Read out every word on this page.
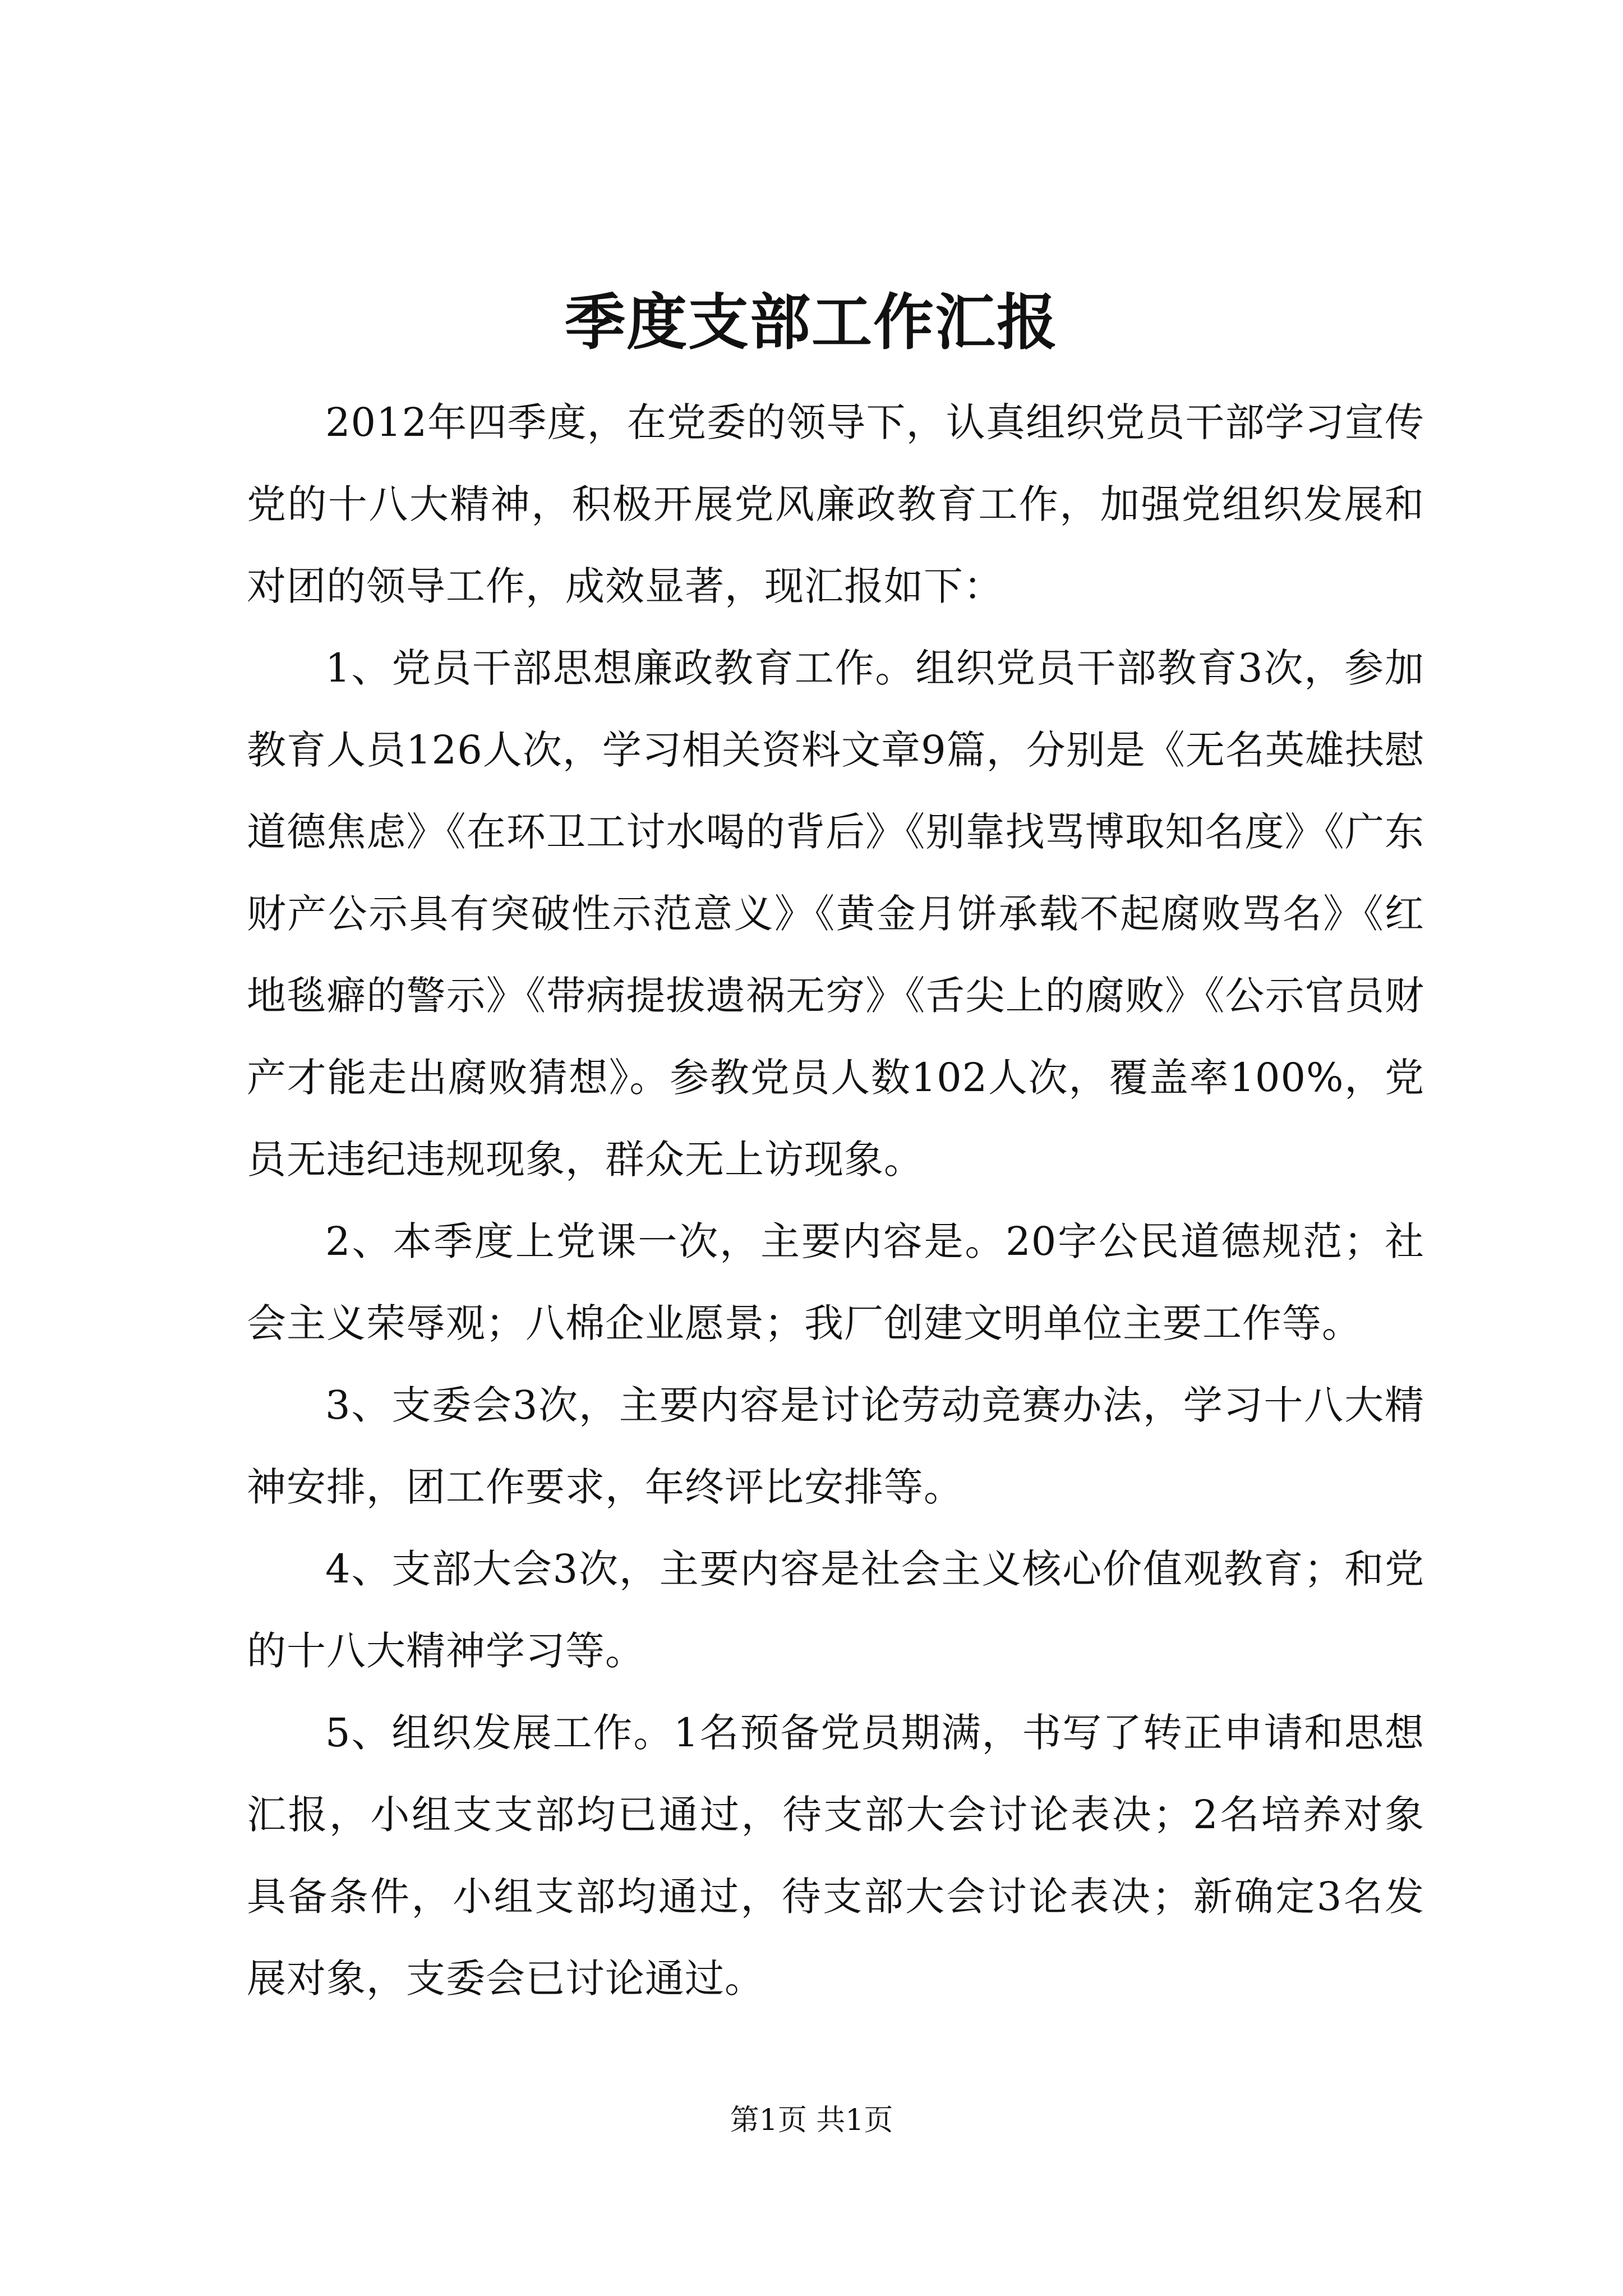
季度支部工作汇报

2012年四季度，在党委的领导下，认真组织党员干部学习宣传党的十八大精神，积极开展党风廉政教育工作，加强党组织发展和对团的领导工作，成效显著，现汇报如下：

1、党员干部思想廉政教育工作。组织党员干部教育3次，参加教育人员126人次，学习相关资料文章9篇，分别是《无名英雄扶慰道德焦虑》《在环卫工讨水喝的背后》《别靠找骂博取知名度》《广东财产公示具有突破性示范意义》《黄金月饼承载不起腐败骂名》《红地毯癖的警示》《带病提拔遗祸无穷》《舌尖上的腐败》《公示官员财产才能走出腐败猜想》。参教党员人数102人次，覆盖率100%，党员无违纪违规现象，群众无上访现象。

2、本季度上党课一次，主要内容是。20字公民道德规范；社会主义荣辱观；八棉企业愿景；我厂创建文明单位主要工作等。

3、支委会3次，主要内容是讨论劳动竞赛办法，学习十八大精神安排，团工作要求，年终评比安排等。

4、支部大会3次，主要内容是社会主义核心价值观教育；和党的十八大精神学习等。

5、组织发展工作。1名预备党员期满，书写了转正申请和思想汇报，小组支支部均已通过，待支部大会讨论表决；2名培养对象具备条件，小组支部均通过，待支部大会讨论表决；新确定3名发展对象，支委会已讨论通过。

第1页 共1页
